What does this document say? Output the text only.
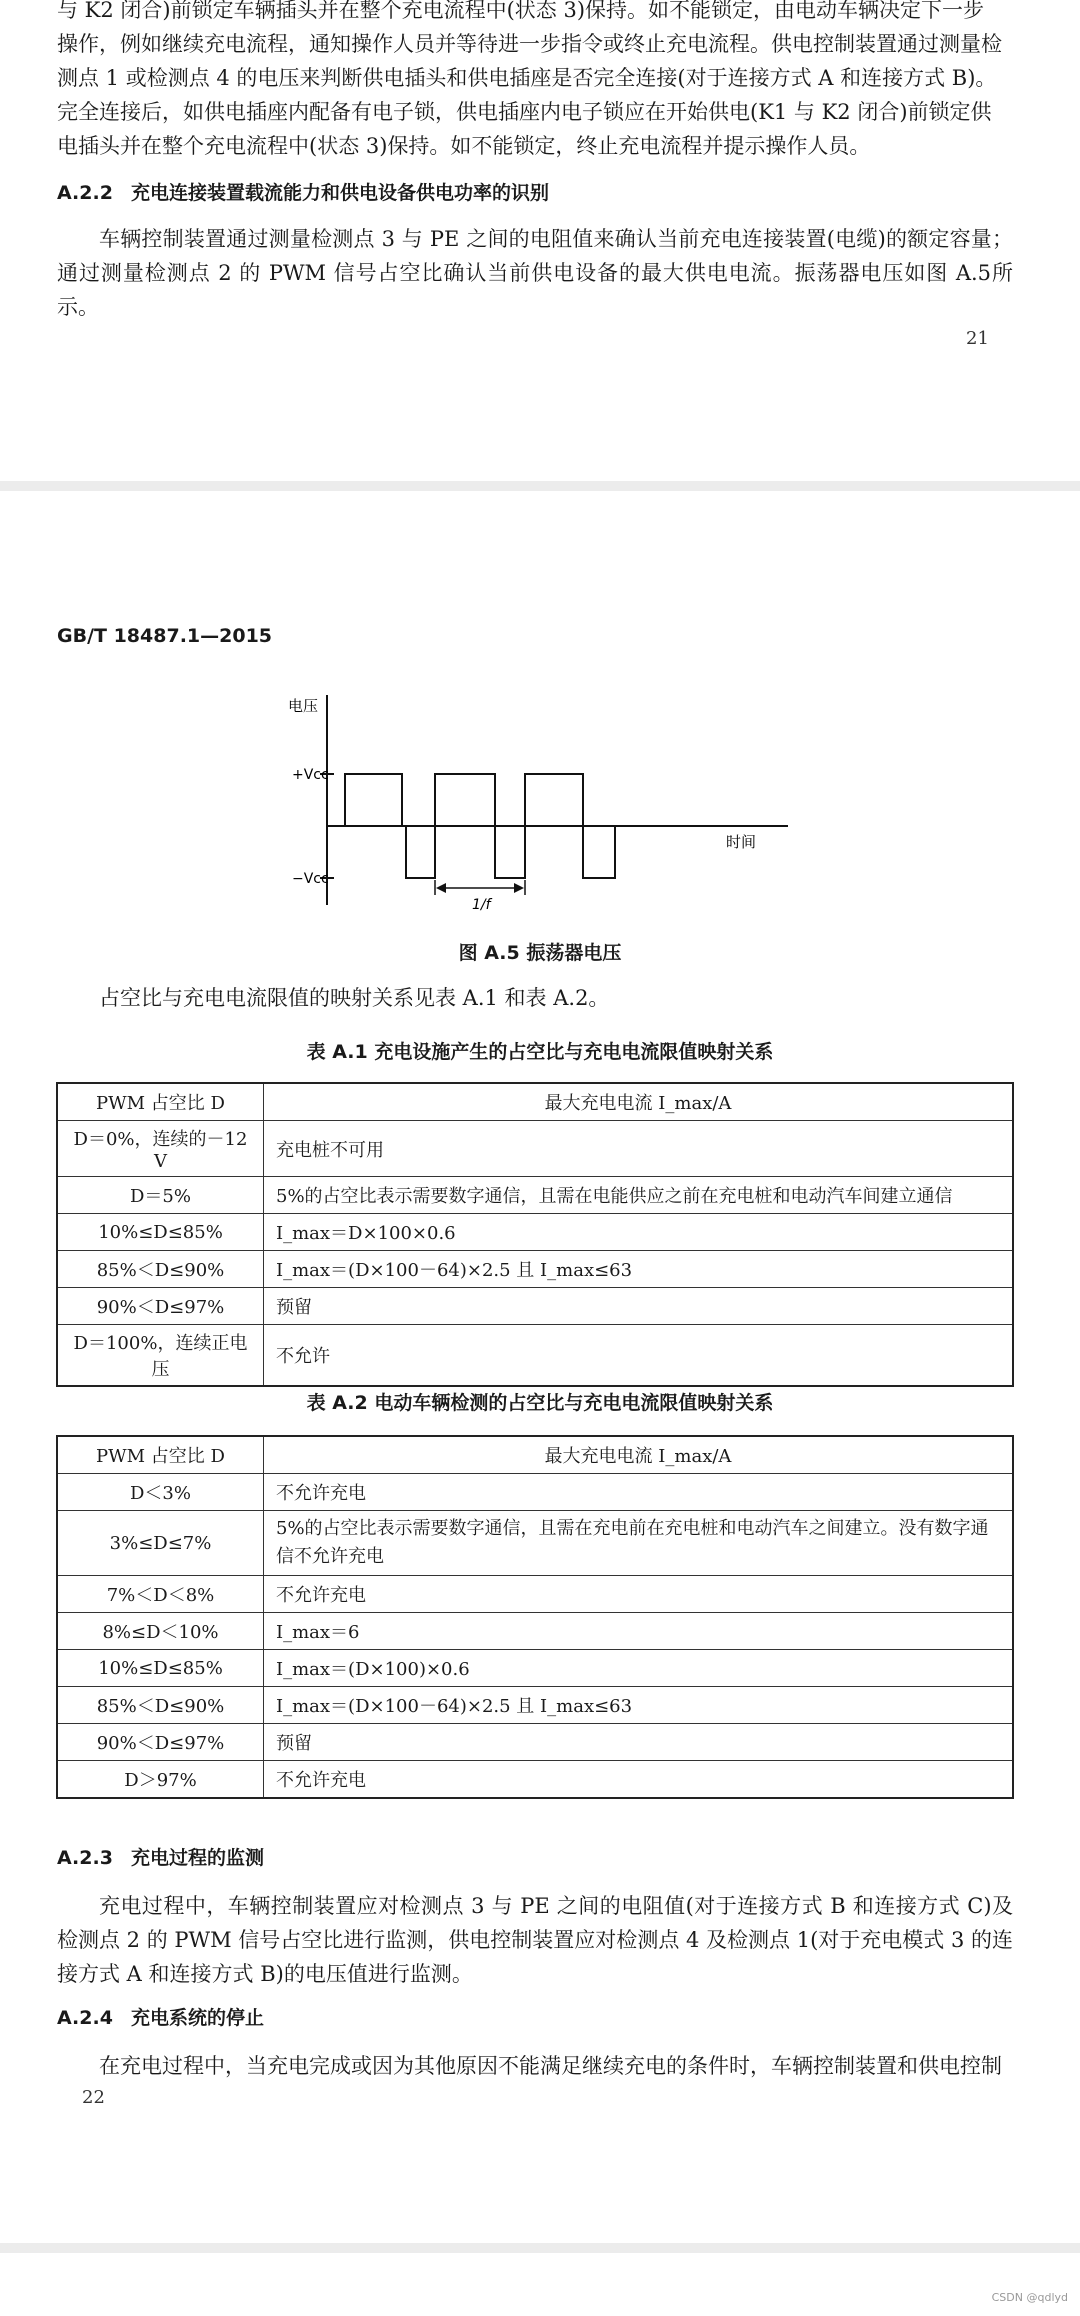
与 K2 闭合)前锁定车辆插头并在整个充电流程中(状态 3)保持。如不能锁定，由电动车辆决定下一步
操作，例如继续充电流程，通知操作人员并等待进一步指令或终止充电流程。供电控制装置通过测量检
测点 1 或检测点 4 的电压来判断供电插头和供电插座是否完全连接(对于连接方式 A 和连接方式 B)。
完全连接后，如供电插座内配备有电子锁，供电插座内电子锁应在开始供电(K1 与 K2 闭合)前锁定供
电插头并在整个充电流程中(状态 3)保持。如不能锁定，终止充电流程并提示操作人员。
A.2.2 充电连接装置载流能力和供电设备供电功率的识别
车辆控制装置通过测量检测点 3 与 PE 之间的电阻值来确认当前充电连接装置(电缆)的额定容量；通过测量检测点 2 的 PWM 信号占空比确认当前供电设备的最大供电电流。振荡器电压如图 A.5所示。
21
GB/T 18487.1—2015
电压
时间
+Vcc
−Vcc
1/f
图 A.5 振荡器电压
占空比与充电电流限值的映射关系见表 A.1 和表 A.2。
表 A.1 充电设施产生的占空比与充电电流限值映射关系
PWM 占空比 D	最大充电电流 I_max/A
D＝0%，连续的－12 V	充电桩不可用
D＝5%	5%的占空比表示需要数字通信，且需在电能供应之前在充电桩和电动汽车间建立通信
10%≤D≤85%	I_max＝D×100×0.6
85%＜D≤90%	I_max＝(D×100－64)×2.5 且 I_max≤63
90%＜D≤97%	预留
D＝100%，连续正电压	不允许
表 A.2 电动车辆检测的占空比与充电电流限值映射关系
PWM 占空比 D	最大充电电流 I_max/A
D＜3%	不允许充电
3%≤D≤7%	5%的占空比表示需要数字通信，且需在充电前在充电桩和电动汽车之间建立。没有数字通信不允许充电
7%＜D＜8%	不允许充电
8%≤D＜10%	I_max＝6
10%≤D≤85%	I_max＝(D×100)×0.6
85%＜D≤90%	I_max＝(D×100－64)×2.5 且 I_max≤63
90%＜D≤97%	预留
D＞97%	不允许充电
A.2.3 充电过程的监测
充电过程中，车辆控制装置应对检测点 3 与 PE 之间的电阻值(对于连接方式 B 和连接方式 C)及检测点 2 的 PWM 信号占空比进行监测，供电控制装置应对检测点 4 及检测点 1(对于充电模式 3 的连接方式 A 和连接方式 B)的电压值进行监测。
A.2.4 充电系统的停止
在充电过程中，当充电完成或因为其他原因不能满足继续充电的条件时，车辆控制装置和供电控制
22
CSDN @qdlyd
